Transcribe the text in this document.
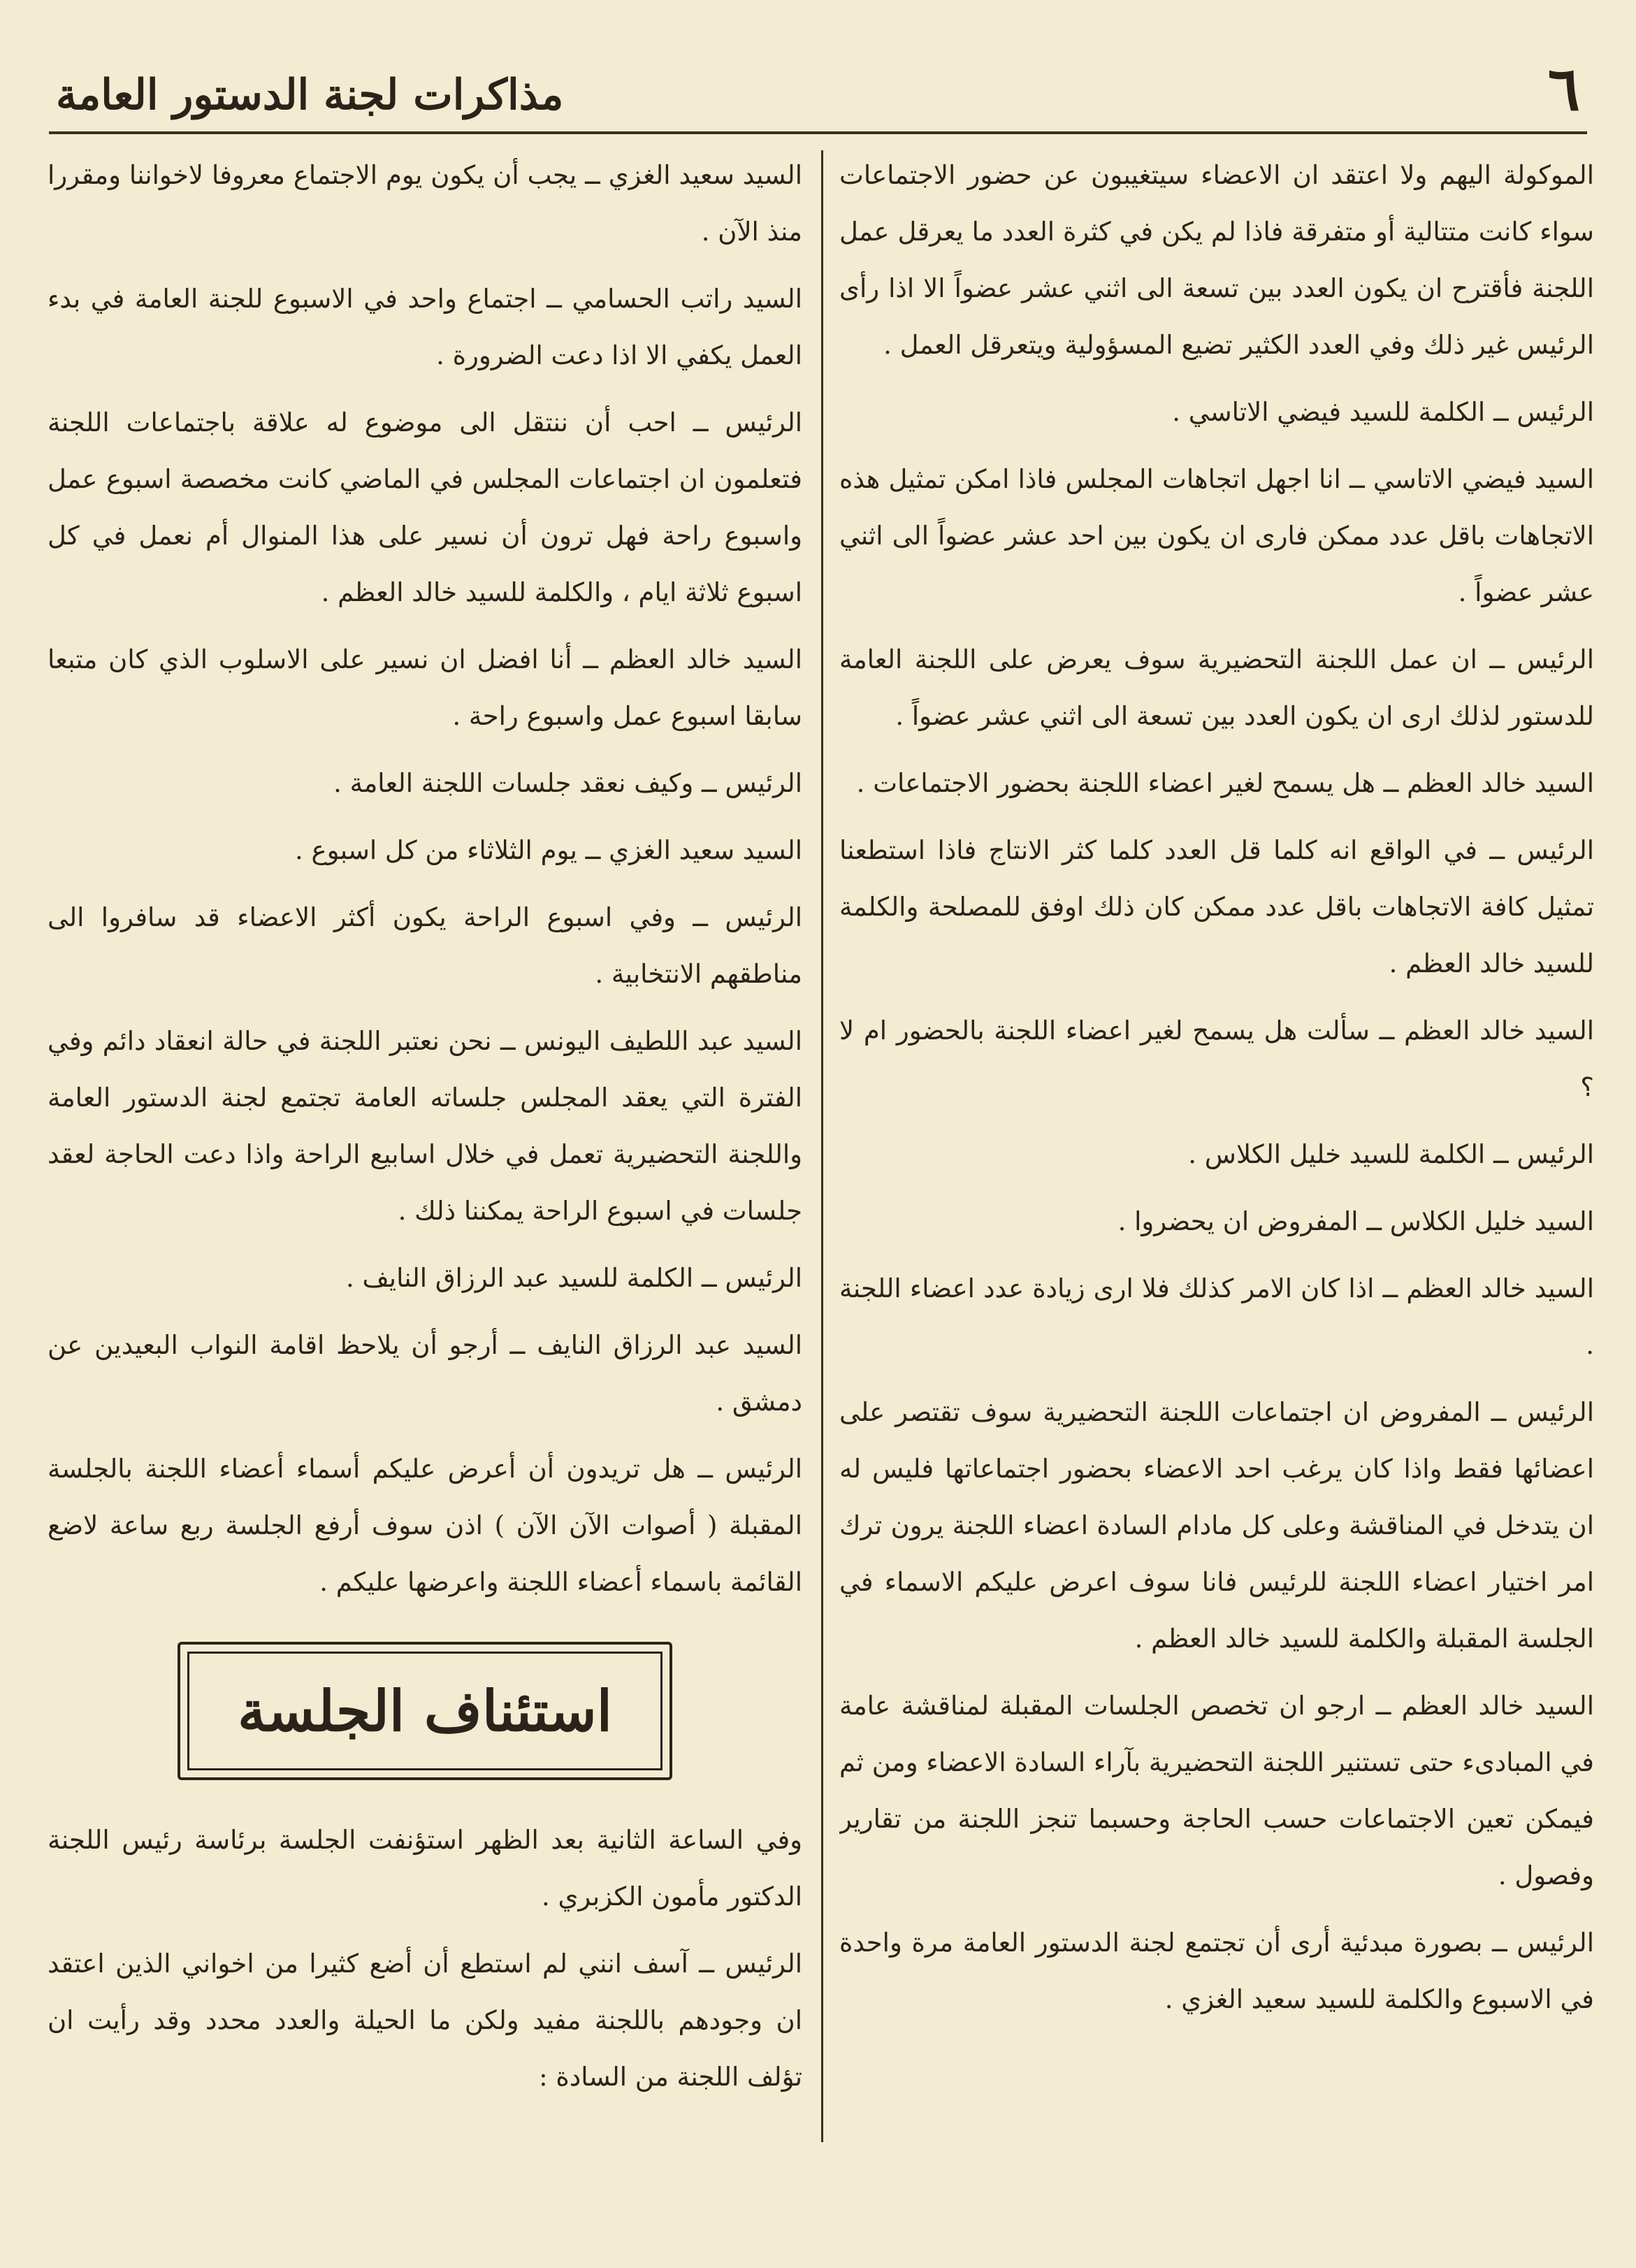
٦
مذاكرات لجنة الدستور العامة

الموكولة اليهم ولا اعتقد ان الاعضاء سيتغيبون عن حضور الاجتماعات سواء كانت متتالية أو متفرقة فاذا لم يكن في كثرة العدد ما يعرقل عمل اللجنة فأقترح ان يكون العدد بين تسعة الى اثني عشر عضواً الا اذا رأى الرئيس غير ذلك وفي العدد الكثير تضيع المسؤولية ويتعرقل العمل .

الرئيس ــ الكلمة للسيد فيضي الاتاسي .

السيد فيضي الاتاسي ــ انا اجهل اتجاهات المجلس فاذا امكن تمثيل هذه الاتجاهات باقل عدد ممكن فارى ان يكون بين احد عشر عضواً الى اثني عشر عضواً .

الرئيس ــ ان عمل اللجنة التحضيرية سوف يعرض على اللجنة العامة للدستور لذلك ارى ان يكون العدد بين تسعة الى اثني عشر عضواً .

السيد خالد العظم ــ هل يسمح لغير اعضاء اللجنة بحضور الاجتماعات .

الرئيس ــ في الواقع انه كلما قل العدد كلما كثر الانتاج فاذا استطعنا تمثيل كافة الاتجاهات باقل عدد ممكن كان ذلك اوفق للمصلحة والكلمة للسيد خالد العظم .

السيد خالد العظم ــ سألت هل يسمح لغير اعضاء اللجنة بالحضور ام لا ؟

الرئيس ــ الكلمة للسيد خليل الكلاس .

السيد خليل الكلاس ــ المفروض ان يحضروا .

السيد خالد العظم ــ اذا كان الامر كذلك فلا ارى زيادة عدد اعضاء اللجنة .

الرئيس ــ المفروض ان اجتماعات اللجنة التحضيرية سوف تقتصر على اعضائها فقط واذا كان يرغب احد الاعضاء بحضور اجتماعاتها فليس له ان يتدخل في المناقشة وعلى كل مادام السادة اعضاء اللجنة يرون ترك امر اختيار اعضاء اللجنة للرئيس فانا سوف اعرض عليكم الاسماء في الجلسة المقبلة والكلمة للسيد خالد العظم .

السيد خالد العظم ــ ارجو ان تخصص الجلسات المقبلة لمناقشة عامة في المبادىء حتى تستنير اللجنة التحضيرية بآراء السادة الاعضاء ومن ثم فيمكن تعين الاجتماعات حسب الحاجة وحسبما تنجز اللجنة من تقارير وفصول .

الرئيس ــ بصورة مبدئية أرى أن تجتمع لجنة الدستور العامة مرة واحدة في الاسبوع والكلمة للسيد سعيد الغزي .

السيد سعيد الغزي ــ يجب أن يكون يوم الاجتماع معروفا لاخواننا ومقررا منذ الآن .

السيد راتب الحسامي ــ اجتماع واحد في الاسبوع للجنة العامة في بدء العمل يكفي الا اذا دعت الضرورة .

الرئيس ــ احب أن ننتقل الى موضوع له علاقة باجتماعات اللجنة فتعلمون ان اجتماعات المجلس في الماضي كانت مخصصة اسبوع عمل واسبوع راحة فهل ترون أن نسير على هذا المنوال أم نعمل في كل اسبوع ثلاثة ايام ، والكلمة للسيد خالد العظم .

السيد خالد العظم ــ أنا افضل ان نسير على الاسلوب الذي كان متبعا سابقا اسبوع عمل واسبوع راحة .

الرئيس ــ وكيف نعقد جلسات اللجنة العامة .

السيد سعيد الغزي ــ يوم الثلاثاء من كل اسبوع .

الرئيس ــ وفي اسبوع الراحة يكون أكثر الاعضاء قد سافروا الى مناطقهم الانتخابية .

السيد عبد اللطيف اليونس ــ نحن نعتبر اللجنة في حالة انعقاد دائم وفي الفترة التي يعقد المجلس جلساته العامة تجتمع لجنة الدستور العامة واللجنة التحضيرية تعمل في خلال اسابيع الراحة واذا دعت الحاجة لعقد جلسات في اسبوع الراحة يمكننا ذلك .

الرئيس ــ الكلمة للسيد عبد الرزاق النايف .

السيد عبد الرزاق النايف ــ أرجو أن يلاحظ اقامة النواب البعيدين عن دمشق .

الرئيس ــ هل تريدون أن أعرض عليكم أسماء أعضاء اللجنة بالجلسة المقبلة ( أصوات الآن الآن ) اذن سوف أرفع الجلسة ربع ساعة لاضع القائمة باسماء أعضاء اللجنة واعرضها عليكم .

استئناف الجلسة

وفي الساعة الثانية بعد الظهر استؤنفت الجلسة برئاسة رئيس اللجنة الدكتور مأمون الكزبري .

الرئيس ــ آسف انني لم استطع أن أضع كثيرا من اخواني الذين اعتقد ان وجودهم باللجنة مفيد ولكن ما الحيلة والعدد محدد وقد رأيت ان تؤلف اللجنة من السادة :
